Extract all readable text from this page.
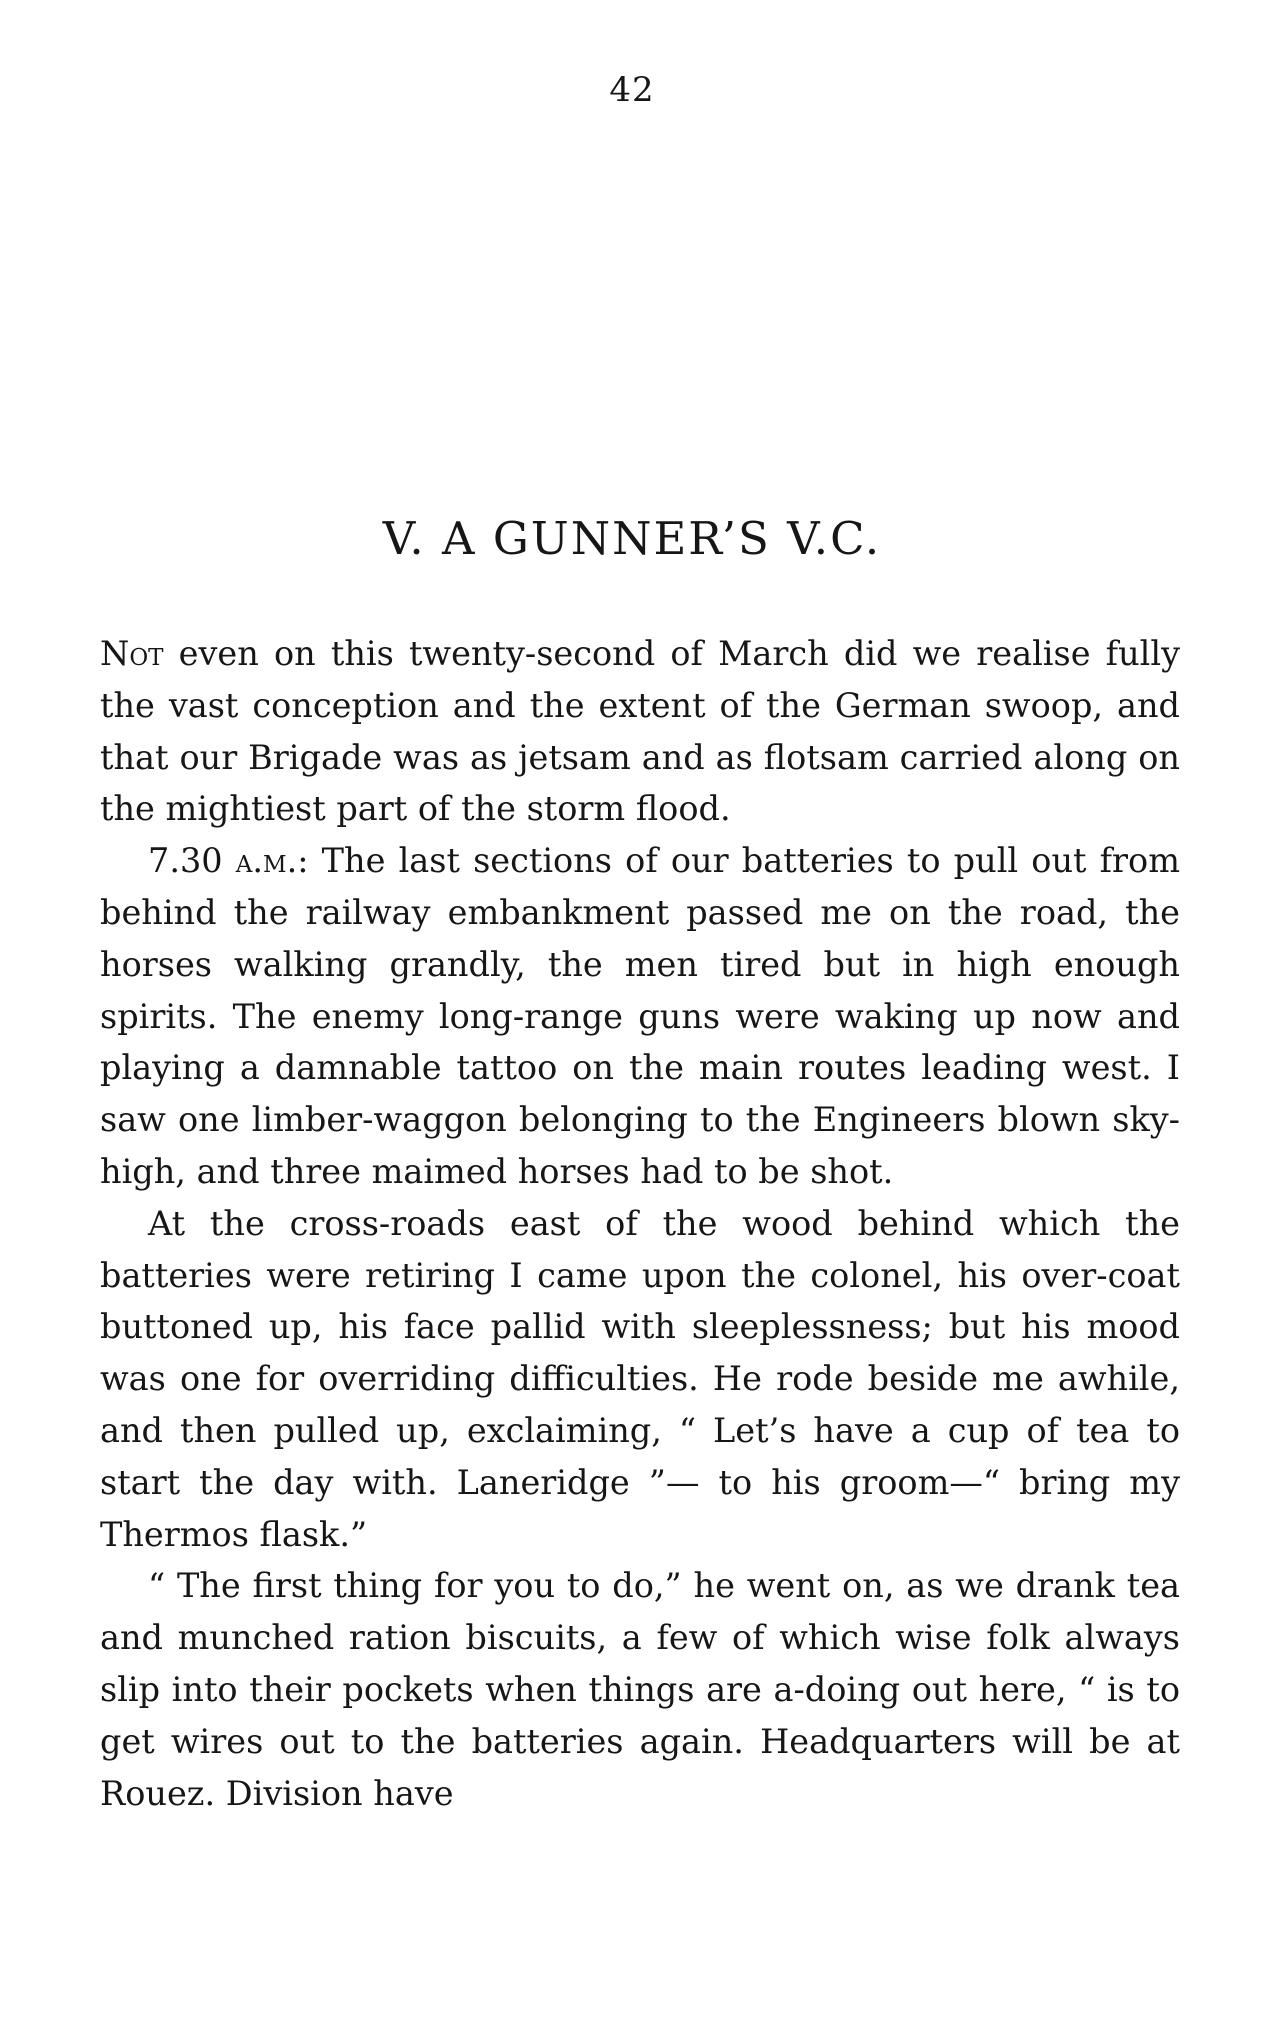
42
V. A GUNNER’S V.C.

Not even on this twenty-second of March did we realise fully the vast conception and the extent of the German swoop, and that our Brigade was as jetsam and as flotsam carried along on the mightiest part of the storm flood.

7.30 a.m.: The last sections of our batteries to pull out from behind the railway embankment passed me on the road, the horses walking grandly, the men tired but in high enough spirits. The enemy long-range guns were waking up now and playing a damnable tattoo on the main routes leading west. I saw one limber-waggon belonging to the Engineers blown sky-high, and three maimed horses had to be shot.

At the cross-roads east of the wood behind which the batteries were retiring I came upon the colonel, his over-coat buttoned up, his face pallid with sleeplessness; but his mood was one for overriding difficulties. He rode beside me awhile, and then pulled up, exclaiming, “ Let’s have a cup of tea to start the day with. Laneridge ”— to his groom—“ bring my Thermos flask.”

“ The first thing for you to do,” he went on, as we drank tea and munched ration biscuits, a few of which wise folk always slip into their pockets when things are a-doing out here, “ is to get wires out to the batteries again. Headquarters will be at Rouez. Division have
